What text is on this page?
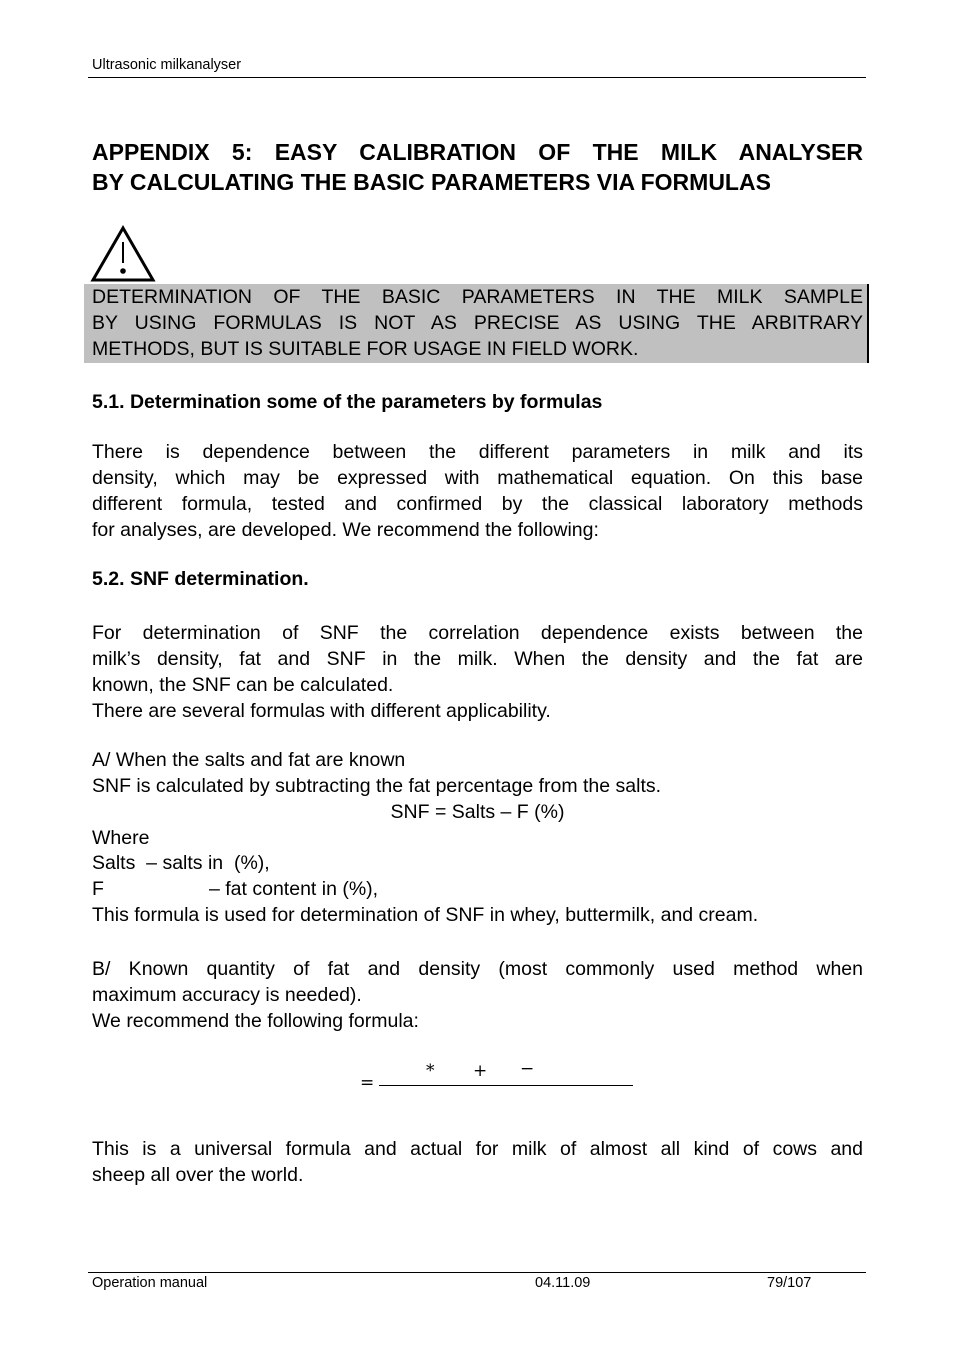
Ultrasonic milkanalyser
APPENDIX 5: EASY CALIBRATION OF THE MILK ANALYSER
BY CALCULATING THE BASIC PARAMETERS VIA FORMULAS
DETERMINATION OF THE BASIC PARAMETERS IN THE MILK SAMPLE
BY USING FORMULAS IS NOT AS PRECISE AS USING THE ARBITRARY
METHODS, BUT IS SUITABLE FOR USAGE IN FIELD WORK.
5.1. Determination some of the parameters by formulas
There is dependence between the different parameters in milk and its
density, which may be expressed with mathematical equation. On this base
different formula, tested and confirmed by the classical laboratory methods
for analyses, are developed. We recommend the following:
5.2. SNF determination.
For determination of SNF the correlation dependence exists between the
milk’s density, fat and SNF in the milk. When the density and the fat are
known, the SNF can be calculated.
There are several formulas with different applicability.
A/ When the salts and fat are known
SNF is calculated by subtracting the fat percentage from the salts.
SNF = Salts – F (%)
Where
Salts  – salts in  (%),
F	– fat content in (%),
This formula is used for determination of SNF in whey, buttermilk, and cream.
B/ Known quantity of fat and density (most commonly used method when
maximum accuracy is needed).
We recommend the following formula:
=
* + −
This is a universal formula and actual for milk of almost all kind of cows and
sheep all over the world.
Operation manual	04.11.09	79/107
